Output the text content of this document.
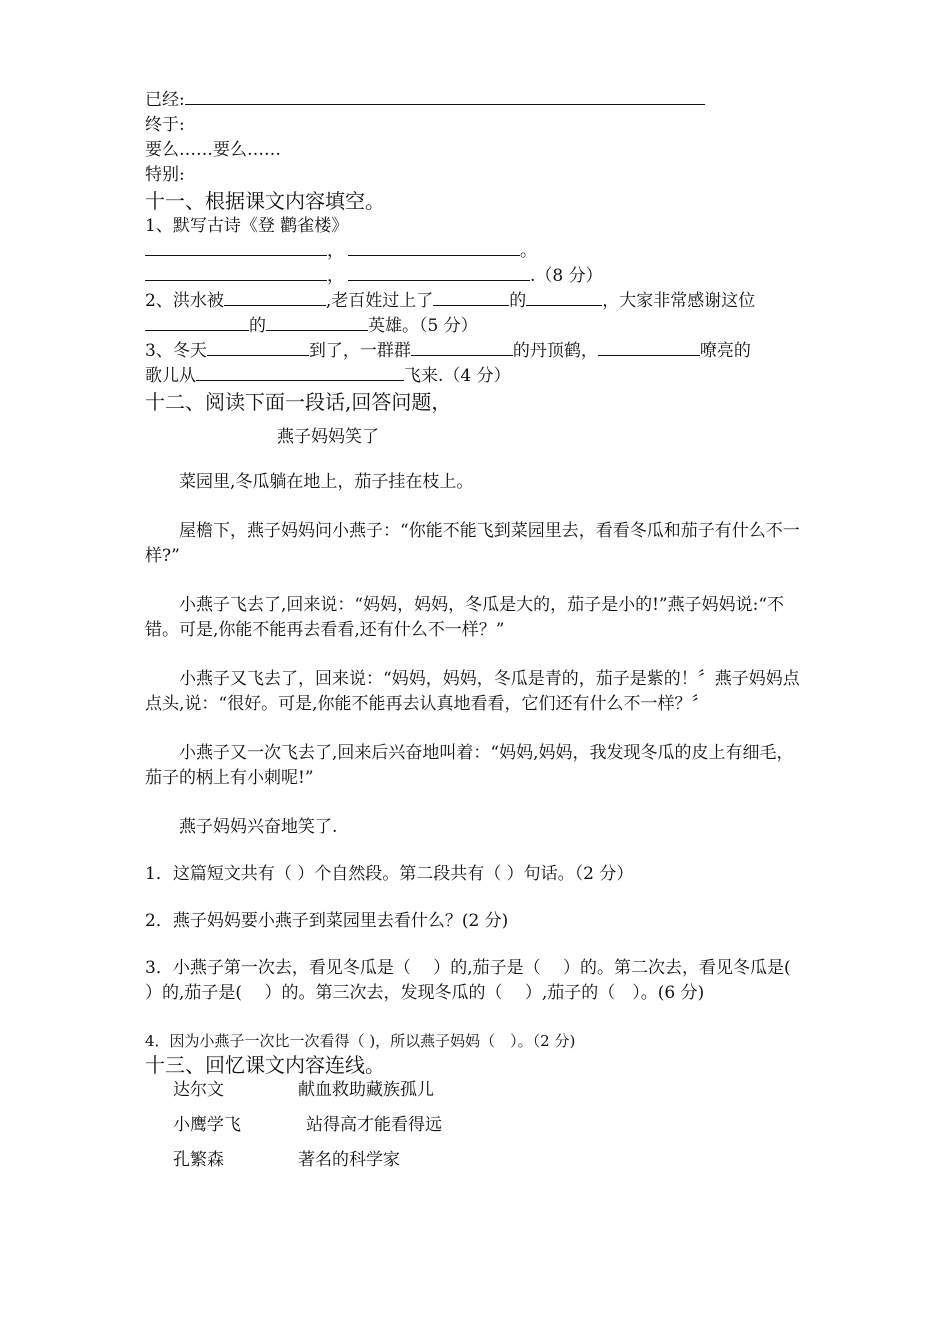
已经:
终于:
要么……要么……
特别:
十一、根据课文内容填空。
1、默写古诗《登 鹳雀楼》
，	。
，	.（8 分）
2、洪水被	,老百姓过上了	的	，大家非常感谢这位
的	英雄。（5 分）
3、冬天	到了，一群群	的丹顶鹤，	嘹亮的
歌儿从	飞来.（4 分）
十二、阅读下面一段话,回答问题，
燕子妈妈笑了
菜园里,冬瓜躺在地上，茄子挂在枝上。
屋檐下，燕子妈妈问小燕子：“你能不能飞到菜园里去，看看冬瓜和茄子有什么不一样?”
小燕子飞去了,回来说：“妈妈，妈妈，冬瓜是大的，茄子是小的!”燕子妈妈说:“不错。可是,你能不能再去看看,还有什么不一样？”
小燕子又飞去了，回来说：“妈妈，妈妈，冬瓜是青的，茄子是紫的！〞燕子妈妈点点头,说：“很好。可是,你能不能再去认真地看看，它们还有什么不一样？〞
小燕子又一次飞去了,回来后兴奋地叫着：“妈妈,妈妈，我发现冬瓜的皮上有细毛，茄子的柄上有小刺呢!”
燕子妈妈兴奋地笑了.
1．这篇短文共有（ ）个自然段。第二段共有（ ）句话。（2 分）
2．燕子妈妈要小燕子到菜园里去看什么？(2 分)
3．小燕子第一次去，看见冬瓜是（　 ）的,茄子是（　 ）的。第二次去，看见冬瓜是(　 ）的,茄子是(　 ）的。第三次去，发现冬瓜的（　 ）,茄子的（　）。(6 分)
4．因为小燕子一次比一次看得（ )，所以燕子妈妈（　）。（2 分)
十三、回忆课文内容连线。
达尔文	献血救助藏族孤儿
小鹰学飞	站得高才能看得远
孔繁森	著名的科学家
